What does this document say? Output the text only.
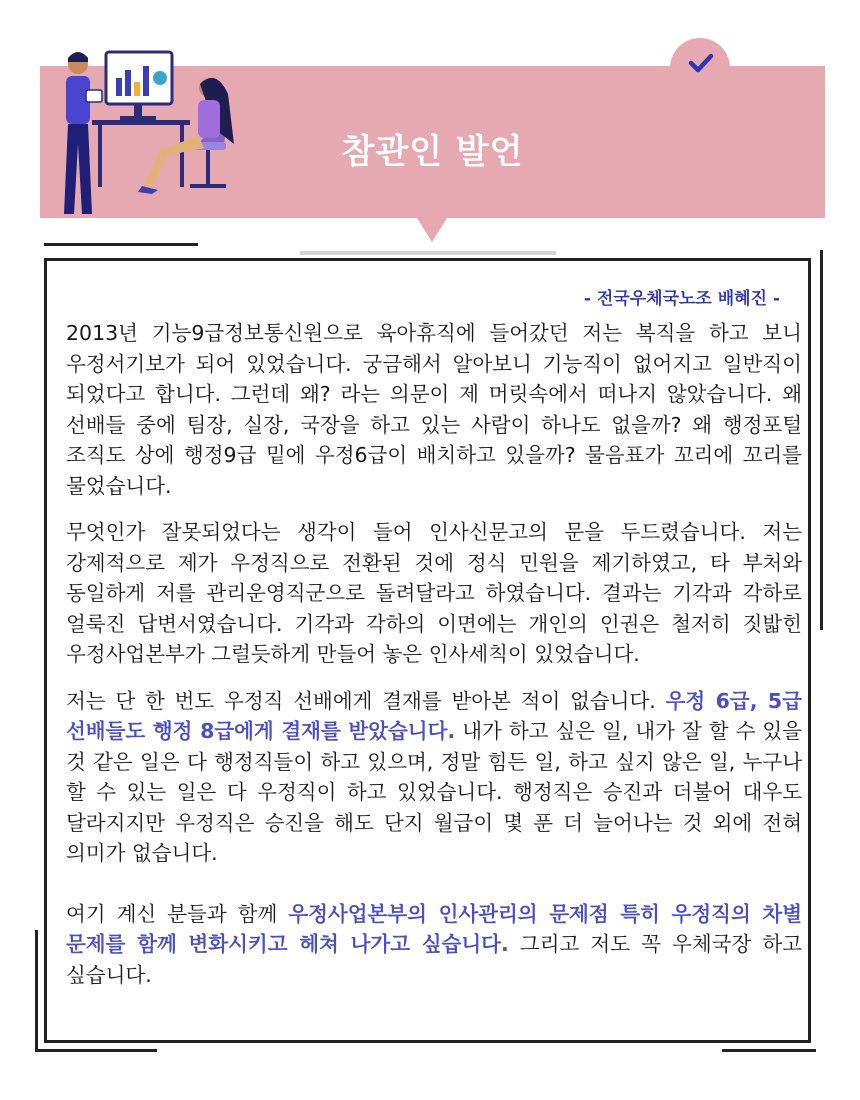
참관인 발언
- 전국우체국노조 배혜진 -

2013년 기능9급정보통신원으로 육아휴직에 들어갔던 저는 복직을 하고 보니 우정서기보가 되어 있었습니다. 궁금해서 알아보니 기능직이 없어지고 일반직이 되었다고 합니다. 그런데 왜? 라는 의문이 제 머릿속에서 떠나지 않았습니다. 왜 선배들 중에 팀장, 실장, 국장을 하고 있는 사람이 하나도 없을까? 왜 행정포털 조직도 상에 행정9급 밑에 우정6급이 배치하고 있을까? 물음표가 꼬리에 꼬리를 물었습니다.

무엇인가 잘못되었다는 생각이 들어 인사신문고의 문을 두드렸습니다. 저는 강제적으로 제가 우정직으로 전환된 것에 정식 민원을 제기하였고, 타 부처와 동일하게 저를 관리운영직군으로 돌려달라고 하였습니다. 결과는 기각과 각하로 얼룩진 답변서였습니다. 기각과 각하의 이면에는 개인의 인권은 철저히 짓밟힌 우정사업본부가 그럴듯하게 만들어 놓은 인사세칙이 있었습니다.

저는 단 한 번도 우정직 선배에게 결재를 받아본 적이 없습니다. 우정 6급, 5급 선배들도 행정 8급에게 결재를 받았습니다. 내가 하고 싶은 일, 내가 잘 할 수 있을 것 같은 일은 다 행정직들이 하고 있으며, 정말 힘든 일, 하고 싶지 않은 일, 누구나 할 수 있는 일은 다 우정직이 하고 있었습니다. 행정직은 승진과 더불어 대우도 달라지지만 우정직은 승진을 해도 단지 월급이 몇 푼 더 늘어나는 것 외에 전혀 의미가 없습니다.

여기 계신 분들과 함께 우정사업본부의 인사관리의 문제점 특히 우정직의 차별 문제를 함께 변화시키고 헤쳐 나가고 싶습니다. 그리고 저도 꼭 우체국장 하고 싶습니다.
